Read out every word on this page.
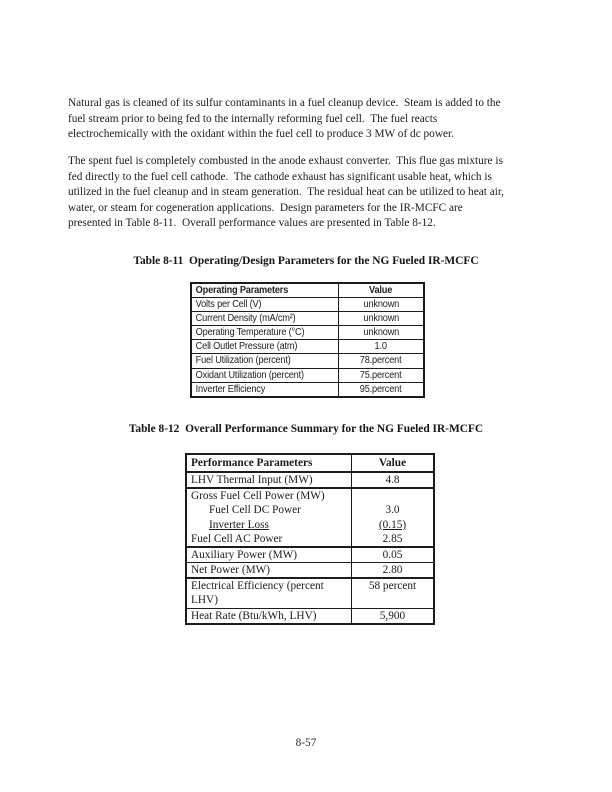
Natural gas is cleaned of its sulfur contaminants in a fuel cleanup device.  Steam is added to the
fuel stream prior to being fed to the internally reforming fuel cell.  The fuel reacts
electrochemically with the oxidant within the fuel cell to produce 3 MW of dc power.
The spent fuel is completely combusted in the anode exhaust converter.  This flue gas mixture is
fed directly to the fuel cell cathode.  The cathode exhaust has significant usable heat, which is
utilized in the fuel cleanup and in steam generation.  The residual heat can be utilized to heat air,
water, or steam for cogeneration applications.  Design parameters for the IR-MCFC are
presented in Table 8-11.  Overall performance values are presented in Table 8-12.
Table 8-11  Operating/Design Parameters for the NG Fueled IR-MCFC
Operating Parameters	Value
Volts per Cell (V)	unknown
Current Density (mA/cm²)	unknown
Operating Temperature (°C)	unknown
Cell Outlet Pressure (atm)	1.0
Fuel Utilization (percent)	78.percent
Oxidant Utilization (percent)	75.percent
Inverter Efficiency	95.percent
Table 8-12  Overall Performance Summary for the NG Fueled IR-MCFC
Performance Parameters	Value
LHV Thermal Input (MW)	4.8
Gross Fuel Cell Power (MW)	
Fuel Cell DC Power	3.0
Inverter Loss	(0.15)
Fuel Cell AC Power	2.85
Auxiliary Power (MW)	0.05
Net Power (MW)	2.80
Electrical Efficiency (percent LHV)	58 percent
Heat Rate (Btu/kWh, LHV)	5,900
8-57
